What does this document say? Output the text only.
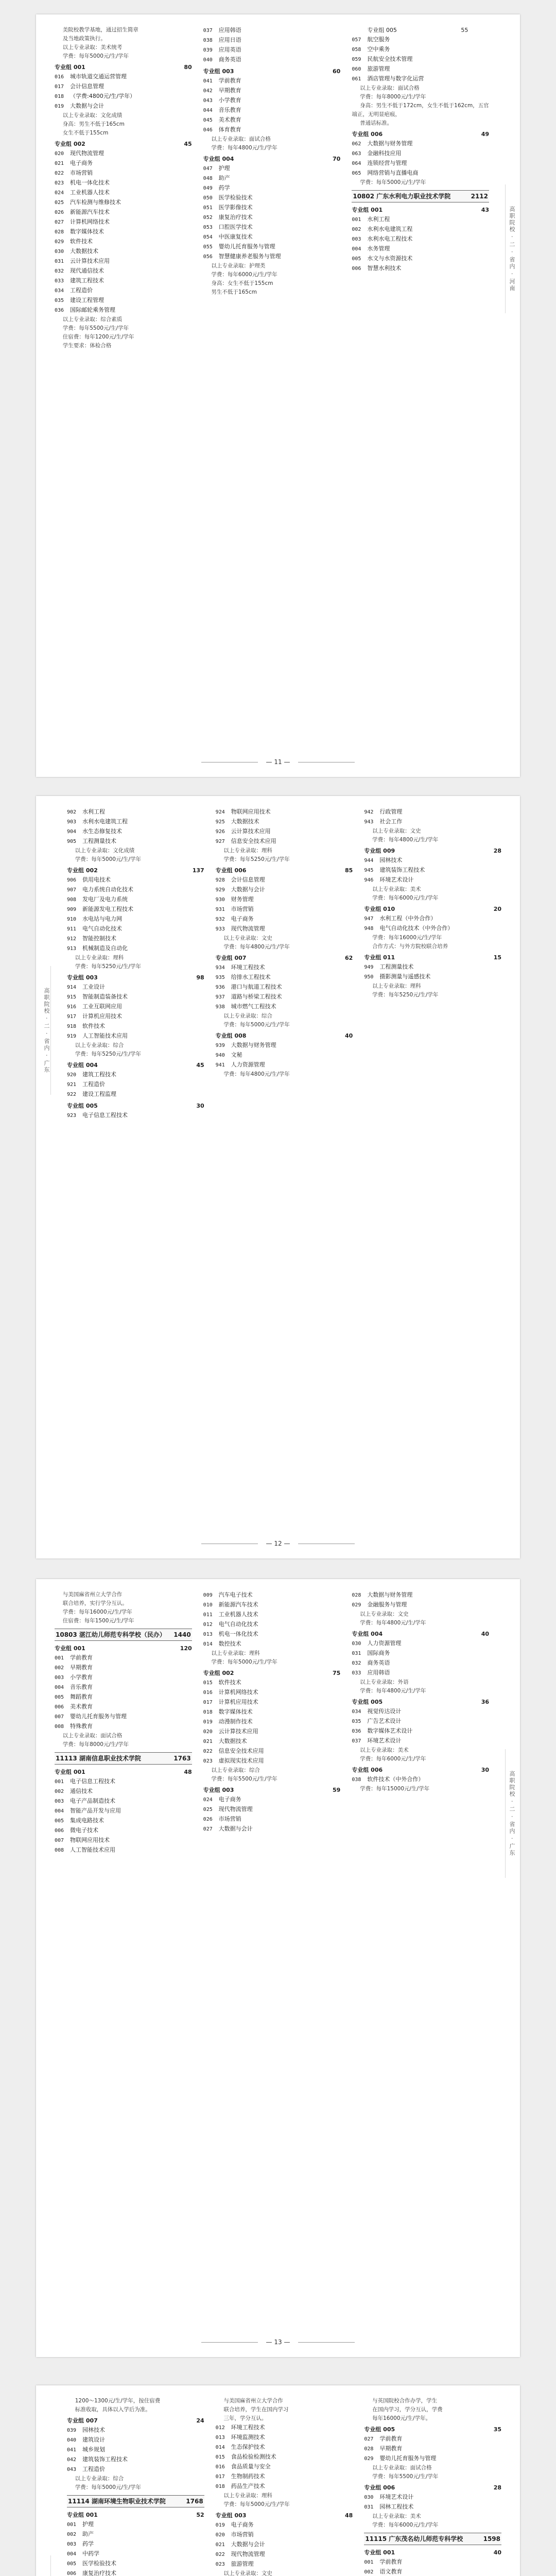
高职院校 · 二 · 省内 · 河南
美院校教学基地，通过招生简章
及当地政策执行。
以上专业录取：美术统考
学费：每年5000元/生/学年
专业组 001	80
016 城市轨道交通运营管理
017 会计信息管理
018 （学费:4800元/生/学年）
019 大数据与会计
以上专业录取：文化成绩
身高：男生不低于165cm
女生不低于155cm
专业组 002	45
020 现代物流管理
021 电子商务
022 市场营销
023 机电一体化技术
024 工业机器人技术
025 汽车检测与维修技术
026 新能源汽车技术
027 计算机网络技术
028 数字媒体技术
029 软件技术
030 大数据技术
031 云计算技术应用
032 现代通信技术
033 建筑工程技术
034 工程造价
035 建设工程管理
036 国际邮轮乘务管理
以上专业录取：综合素质
学费：每年5500元/生/学年
住宿费：每年1200元/生/学年
学生要求：体检合格
037 应用韩语
038 应用日语
039 应用英语
040 商务英语
专业组 003	60
041 学前教育
042 早期教育
043 小学教育
044 音乐教育
045 美术教育
046 体育教育
以上专业录取：面试合格
学费：每年4800元/生/学年
专业组 004	70
047 护理
048 助产
049 药学
050 医学检验技术
051 医学影像技术
052 康复治疗技术
053 口腔医学技术
054 中医康复技术
055 婴幼儿托育服务与管理
056 智慧健康养老服务与管理
以上专业录取：护理类
学费：每年6000元/生/学年
身高：女生不低于155cm
男生不低于165cm
专业组 005 　　　　　　　　　　　55
057 航空服务
058 空中乘务
059 民航安全技术管理
060 旅游管理
061 酒店管理与数字化运营
以上专业录取：面试合格
学费：每年8000元/生/学年
身高：男生不低于172cm，女生不低于162cm，五官端正，无明显疤痕，
普通话标准。
专业组 006	49
062 大数据与财务管理
063 金融科技应用
064 连锁经营与管理
065 网络营销与直播电商
学费：每年5000元/生/学年
10802 广东水利电力职业技术学院	2112
专业组 001	43
001 水利工程
002 水利水电建筑工程
003 水利水电工程技术
004 水务管理
005 水文与水资源技术
006 智慧水利技术
— 11 —
高职院校 · 二 · 省内 · 广东
902 水利工程
903 水利水电建筑工程
904 水生态修复技术
905 工程测量技术
以上专业录取：文化成绩
学费：每年5000元/生/学年
专业组 002	137
906 供用电技术
907 电力系统自动化技术
908 发电厂及电力系统
909 新能源发电工程技术
910 水电站与电力网
911 电气自动化技术
912 智能控制技术
913 机械制造及自动化
以上专业录取：理科
学费：每年5250元/生/学年
专业组 003	98
914 工业设计
915 智能制造装备技术
916 工业互联网应用
917 计算机应用技术
918 软件技术
919 人工智能技术应用
以上专业录取：综合
学费：每年5250元/生/学年
专业组 004	45
920 建筑工程技术
921 工程造价
922 建设工程监理
专业组 005	30
923 电子信息工程技术
924 物联网应用技术
925 大数据技术
926 云计算技术应用
927 信息安全技术应用
以上专业录取：理科
学费：每年5250元/生/学年
专业组 006	85
928 会计信息管理
929 大数据与会计
930 财务管理
931 市场营销
932 电子商务
933 现代物流管理
以上专业录取：文史
学费：每年4800元/生/学年
专业组 007	62
934 环境工程技术
935 给排水工程技术
936 港口与航道工程技术
937 道路与桥梁工程技术
938 城市燃气工程技术
以上专业录取：综合
学费：每年5000元/生/学年
专业组 008	40
939 大数据与财务管理
940 文秘
941 人力资源管理
学费：每年4800元/生/学年
942 行政管理
943 社会工作
以上专业录取：文史
学费：每年4800元/生/学年
专业组 009	28
944 园林技术
945 建筑装饰工程技术
946 环境艺术设计
以上专业录取：美术
学费：每年6000元/生/学年
专业组 010	20
947 水利工程（中外合作）
948 电气自动化技术（中外合作）
学费：每年16000元/生/学年
合作方式：与外方院校联合培养
专业组 011	15
949 工程测量技术
950 摄影测量与遥感技术
以上专业录取：理科
学费：每年5250元/生/学年
— 12 —
高职院校 · 二 · 省内 · 广东
与美国麻省州立大学合作
联合培养，实行学分互认。
学费：每年16000元/生/学年
住宿费：每年1500元/生/学年
10803 湛江幼儿师范专科学校（民办） 1440
专业组 001	120
001 学前教育
002 早期教育
003 小学教育
004 音乐教育
005 舞蹈教育
006 美术教育
007 婴幼儿托育服务与管理
008 特殊教育
以上专业录取：面试合格
学费：每年8000元/生/学年
11113 湖南信息职业技术学院	1763
专业组 001	48
001 电子信息工程技术
002 通信技术
003 电子产品制造技术
004 智能产品开发与应用
005 集成电路技术
006 微电子技术
007 物联网应用技术
008 人工智能技术应用
009 汽车电子技术
010 新能源汽车技术
011 工业机器人技术
012 电气自动化技术
013 机电一体化技术
014 数控技术
以上专业录取：理科
学费：每年5000元/生/学年
专业组 002	75
015 软件技术
016 计算机网络技术
017 计算机应用技术
018 数字媒体技术
019 动漫制作技术
020 云计算技术应用
021 大数据技术
022 信息安全技术应用
023 虚拟现实技术应用
以上专业录取：综合
学费：每年5500元/生/学年
专业组 003	59
024 电子商务
025 现代物流管理
026 市场营销
027 大数据与会计
028 大数据与财务管理
029 金融服务与管理
以上专业录取：文史
学费：每年4800元/生/学年
专业组 004	40
030 人力资源管理
031 国际商务
032 商务英语
033 应用韩语
以上专业录取：外语
学费：每年4800元/生/学年
专业组 005	36
034 视觉传达设计
035 广告艺术设计
036 数字媒体艺术设计
037 环境艺术设计
以上专业录取：美术
学费：每年6000元/生/学年
专业组 006	30
038 软件技术（中外合作）
学费：每年15000元/生/学年
— 13 —
1200～1300元/生/学年，按住宿费
标准收取，具体以入学后为准。
专业组 007	24
039 园林技术
040 建筑设计
041 城乡规划
042 建筑装饰工程技术
043 工程造价
以上专业录取：综合
学费：每年5000元/生/学年
11114 湖南环境生物职业技术学院	1768
专业组 001	52
001 护理
002 助产
003 药学
004 中药学
005 医学检验技术
006 康复治疗技术
与美国麻省州立大学合作
联合培养，学生在国内学习
三年，学分互认。
012 环境工程技术
013 环境监测技术
014 生态保护技术
015 食品检验检测技术
016 食品质量与安全
017 生物制药技术
018 药品生产技术
以上专业录取：理科
学费：每年5000元/生/学年
专业组 003	48
019 电子商务
020 市场营销
021 大数据与会计
022 现代物流管理
023 旅游管理
以上专业录取：文史
与英国院校合作办学，学生
在国内学习，学分互认，学费
每年16000元/生/学年。
专业组 005	35
027 学前教育
028 早期教育
029 婴幼儿托育服务与管理
以上专业录取：面试合格
学费：每年5500元/生/学年
专业组 006	28
030 环境艺术设计
031 园林工程技术
以上专业录取：美术
学费：每年6000元/生/学年
11115 广东茂名幼儿师范专科学校	1598
专业组 001	40
001 学前教育
002 语文教育
